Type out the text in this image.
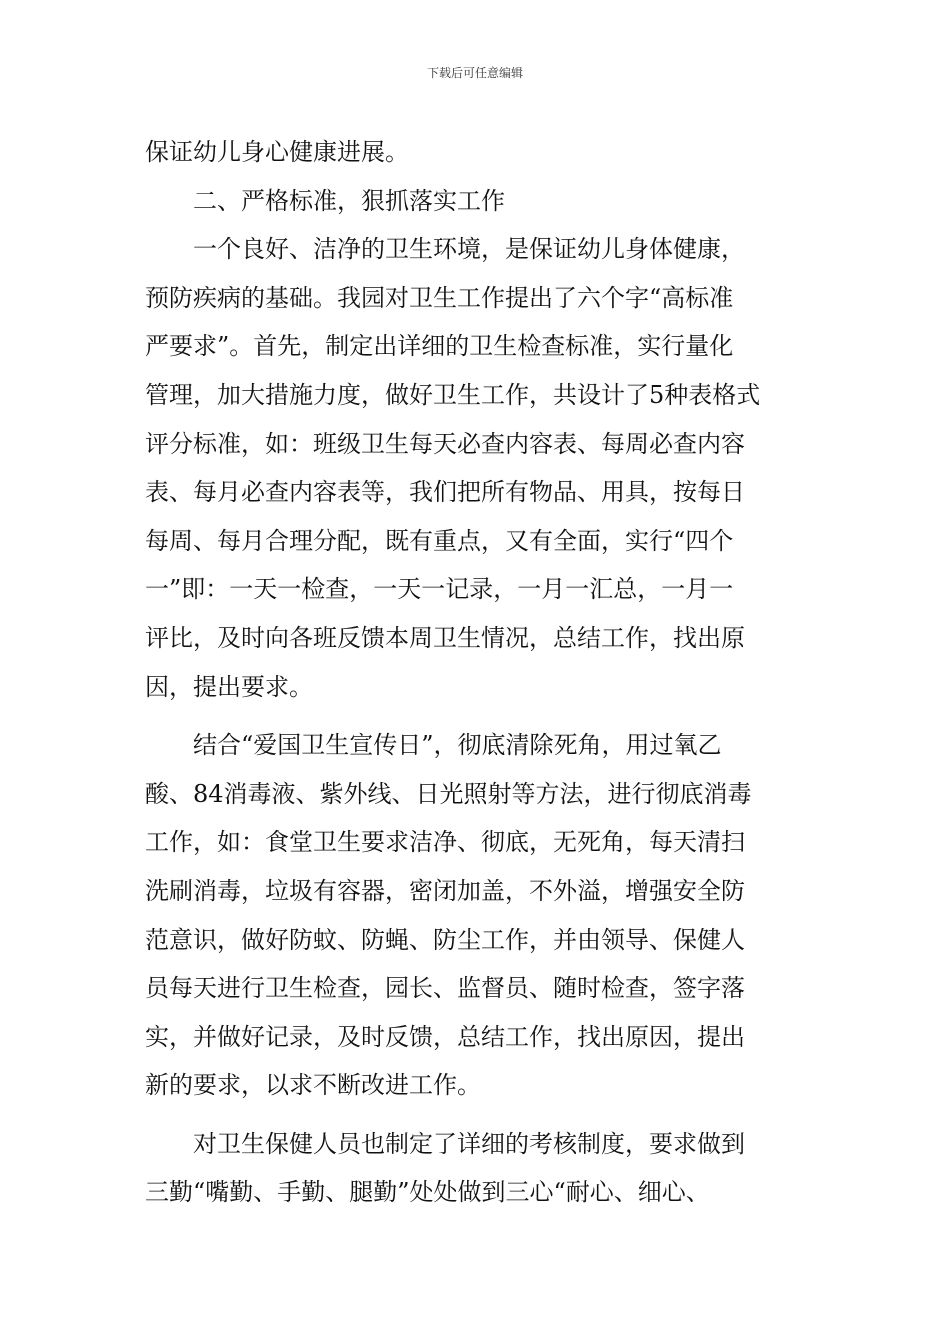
下载后可任意编辑
保证幼儿身心健康进展。
　　二、严格标准，狠抓落实工作
　　一个良好、洁净的卫生环境，是保证幼儿身体健康，
预防疾病的基础。我园对卫生工作提出了六个字“高标准
严要求”。首先，制定出详细的卫生检查标准，实行量化
管理，加大措施力度，做好卫生工作，共设计了5种表格式
评分标准，如：班级卫生每天必查内容表、每周必查内容
表、每月必查内容表等，我们把所有物品、用具，按每日
每周、每月合理分配，既有重点，又有全面，实行“四个
一”即：一天一检查，一天一记录，一月一汇总，一月一
评比，及时向各班反馈本周卫生情况，总结工作，找出原
因，提出要求。
　　结合“爱国卫生宣传日”，彻底清除死角，用过氧乙
酸、84消毒液、紫外线、日光照射等方法，进行彻底消毒
工作，如：食堂卫生要求洁净、彻底，无死角，每天清扫
洗刷消毒，垃圾有容器，密闭加盖，不外溢，增强安全防
范意识，做好防蚊、防蝇、防尘工作，并由领导、保健人
员每天进行卫生检查，园长、监督员、随时检查，签字落
实，并做好记录，及时反馈，总结工作，找出原因，提出
新的要求，以求不断改进工作。
　　对卫生保健人员也制定了详细的考核制度，要求做到
三勤“嘴勤、手勤、腿勤”处处做到三心“耐心、细心、
